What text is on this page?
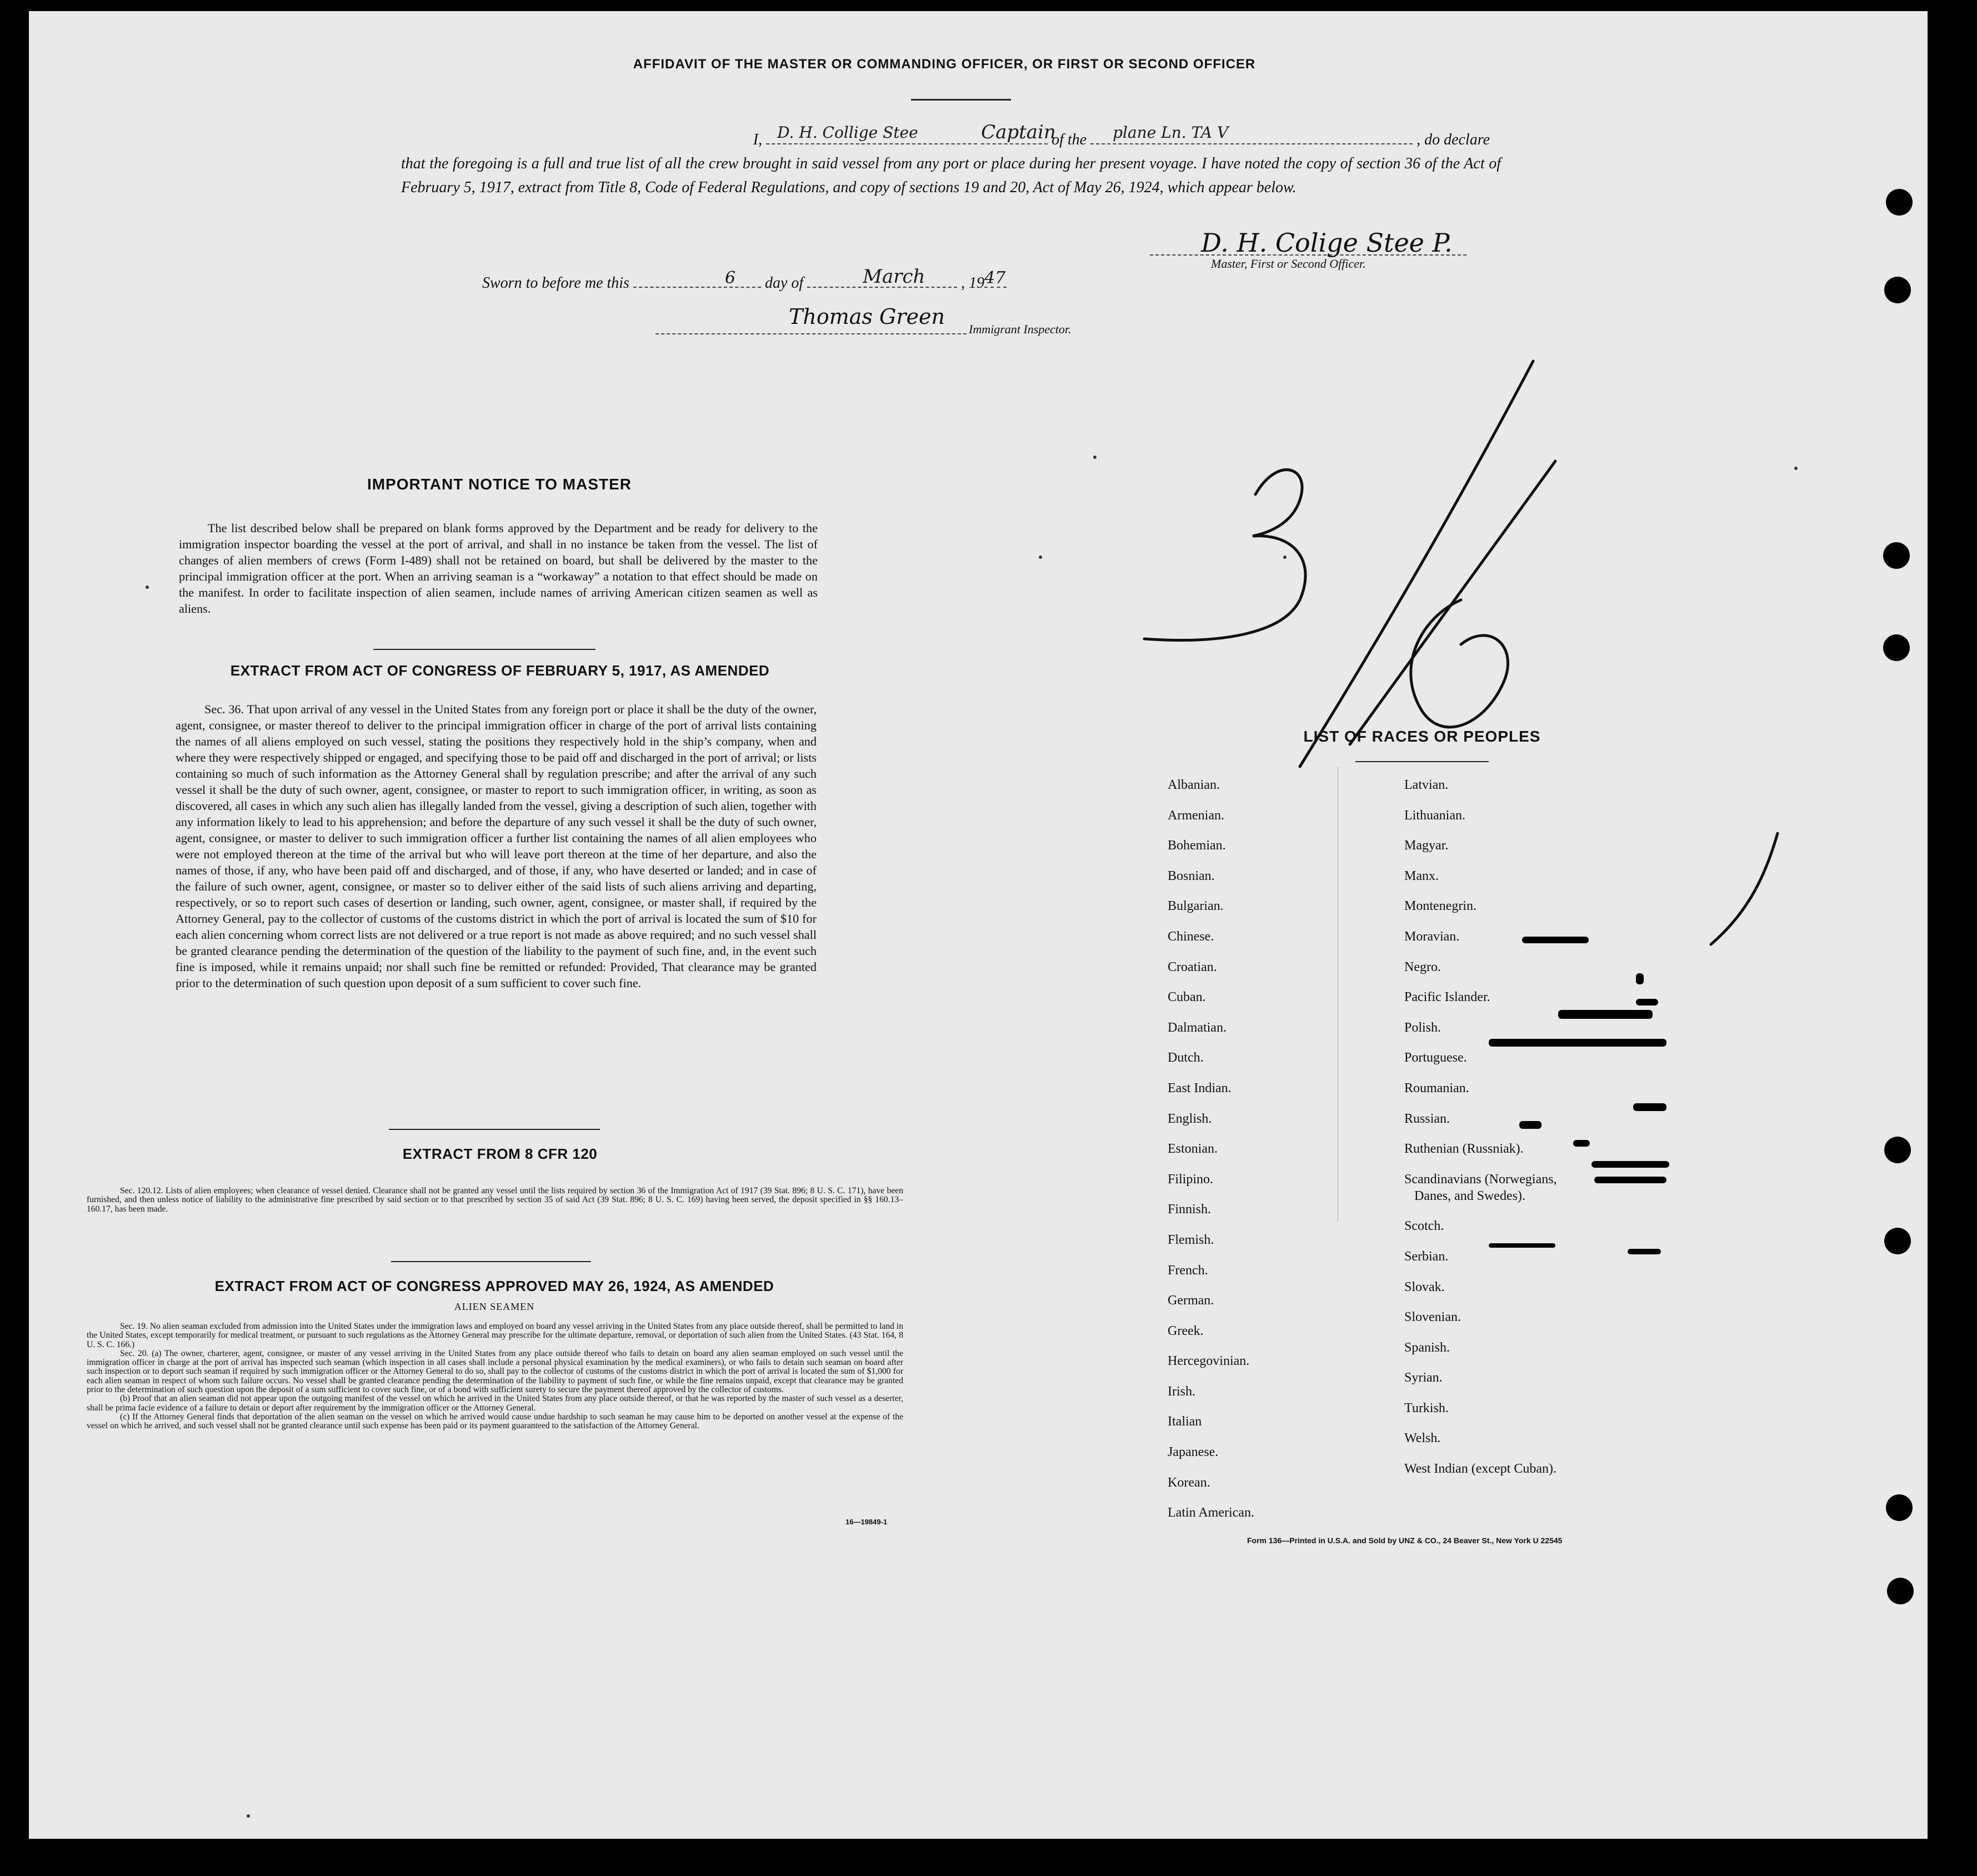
AFFIDAVIT OF THE MASTER OR COMMANDING OFFICER, OR FIRST OR SECOND OFFICER
I, D. H. Collige Stee
	Captain
of the plane Ln. TA V	, do declare
that the foregoing is a full and true list of all the crew brought in said vessel from any port or place during her present voyage. I have noted the copy of section 36 of the Act of February 5, 1917, extract from Title 8, Code of Federal Regulations, and copy of sections 19 and 20, Act of May 26, 1924, which appear below.
D. H. Colige Stee P.
Master, First or Second Officer.
Sworn to before me this	6 day of	March , 19 47
Thomas Green
Immigrant Inspector.
IMPORTANT NOTICE TO MASTER

The list described below shall be prepared on blank forms approved by the Department and be ready for delivery to the immigration inspector boarding the vessel at the port of arrival, and shall in no instance be taken from the vessel. The list of changes of alien members of crews (Form I-489) shall not be retained on board, but shall be delivered by the master to the principal immigration officer at the port. When an arriving seaman is a “workaway” a notation to that effect should be made on the manifest. In order to facilitate inspection of alien seamen, include names of arriving American citizen seamen as well as aliens.

EXTRACT FROM ACT OF CONGRESS OF FEBRUARY 5, 1917, AS AMENDED

Sec. 36. That upon arrival of any vessel in the United States from any foreign port or place it shall be the duty of the owner, agent, consignee, or master thereof to deliver to the principal immigration officer in charge of the port of arrival lists containing the names of all aliens employed on such vessel, stating the positions they respectively hold in the ship’s company, when and where they were respectively shipped or engaged, and specifying those to be paid off and discharged in the port of arrival; or lists containing so much of such information as the Attorney General shall by regulation prescribe; and after the arrival of any such vessel it shall be the duty of such owner, agent, consignee, or master to report to such immigration officer, in writing, as soon as discovered, all cases in which any such alien has illegally landed from the vessel, giving a description of such alien, together with any information likely to lead to his apprehension; and before the departure of any such vessel it shall be the duty of such owner, agent, consignee, or master to deliver to such immigration officer a further list containing the names of all alien employees who were not employed thereon at the time of the arrival but who will leave port thereon at the time of her departure, and also the names of those, if any, who have been paid off and discharged, and of those, if any, who have deserted or landed; and in case of the failure of such owner, agent, consignee, or master so to deliver either of the said lists of such aliens arriving and departing, respectively, or so to report such cases of desertion or landing, such owner, agent, consignee, or master shall, if required by the Attorney General, pay to the collector of customs of the customs district in which the port of arrival is located the sum of $10 for each alien concerning whom correct lists are not delivered or a true report is not made as above required; and no such vessel shall be granted clearance pending the determination of the question of the liability to the payment of such fine, and, in the event such fine is imposed, while it remains unpaid; nor shall such fine be remitted or refunded: Provided, That clearance may be granted prior to the determination of such question upon deposit of a sum sufficient to cover such fine.

EXTRACT FROM 8 CFR 120

Sec. 120.12. Lists of alien employees; when clearance of vessel denied. Clearance shall not be granted any vessel until the lists required by section 36 of the Immigration Act of 1917 (39 Stat. 896; 8 U. S. C. 171), have been furnished, and then unless notice of liability to the administrative fine prescribed by said section or to that prescribed by section 35 of said Act (39 Stat. 896; 8 U. S. C. 169) having been served, the deposit specified in §§ 160.13–160.17, has been made.

EXTRACT FROM ACT OF CONGRESS APPROVED MAY 26, 1924, AS AMENDED
ALIEN SEAMEN

Sec. 19. No alien seaman excluded from admission into the United States under the immigration laws and employed on board any vessel arriving in the United States from any place outside thereof, shall be permitted to land in the United States, except temporarily for medical treatment, or pursuant to such regulations as the Attorney General may prescribe for the ultimate departure, removal, or deportation of such alien from the United States. (43 Stat. 164, 8 U. S. C. 166.)

Sec. 20. (a) The owner, charterer, agent, consignee, or master of any vessel arriving in the United States from any place outside thereof who fails to detain on board any alien seaman employed on such vessel until the immigration officer in charge at the port of arrival has inspected such seaman (which inspection in all cases shall include a personal physical examination by the medical examiners), or who fails to detain such seaman on board after such inspection or to deport such seaman if required by such immigration officer or the Attorney General to do so, shall pay to the collector of customs of the customs district in which the port of arrival is located the sum of $1,000 for each alien seaman in respect of whom such failure occurs. No vessel shall be granted clearance pending the determination of the liability to payment of such fine, or while the fine remains unpaid, except that clearance may be granted prior to the determination of such question upon the deposit of a sum sufficient to cover such fine, or of a bond with sufficient surety to secure the payment thereof approved by the collector of customs.

(b) Proof that an alien seaman did not appear upon the outgoing manifest of the vessel on which he arrived in the United States from any place outside thereof, or that he was reported by the master of such vessel as a deserter, shall be prima facie evidence of a failure to detain or deport after requirement by the immigration officer or the Attorney General.

(c) If the Attorney General finds that deportation of the alien seaman on the vessel on which he arrived would cause undue hardship to such seaman he may cause him to be deported on another vessel at the expense of the vessel on which he arrived, and such vessel shall not be granted clearance until such expense has been paid or its payment guaranteed to the satisfaction of the Attorney General.

16—19849-1
LIST OF RACES OR PEOPLES
Albanian.
Armenian.
Bohemian.
Bosnian.
Bulgarian.
Chinese.
Croatian.
Cuban.
Dalmatian.
Dutch.
East Indian.
English.
Estonian.
Filipino.
Finnish.
Flemish.
French.
German.
Greek.
Hercegovinian.
Irish.
Italian
Japanese.
Korean.
Latin American.
Latvian.
Lithuanian.
Magyar.
Manx.
Montenegrin.
Moravian.
Negro.
Pacific Islander.
Polish.
Portuguese.
Roumanian.
Russian.
Ruthenian (Russniak).
Scandinavians (Norwegians,
Danes, and Swedes).
Scotch.
Serbian.
Slovak.
Slovenian.
Spanish.
Syrian.
Turkish.
Welsh.
West Indian (except Cuban).
Form 136—Printed in U.S.A. and Sold by UNZ & CO., 24 Beaver St., New York U 22545
